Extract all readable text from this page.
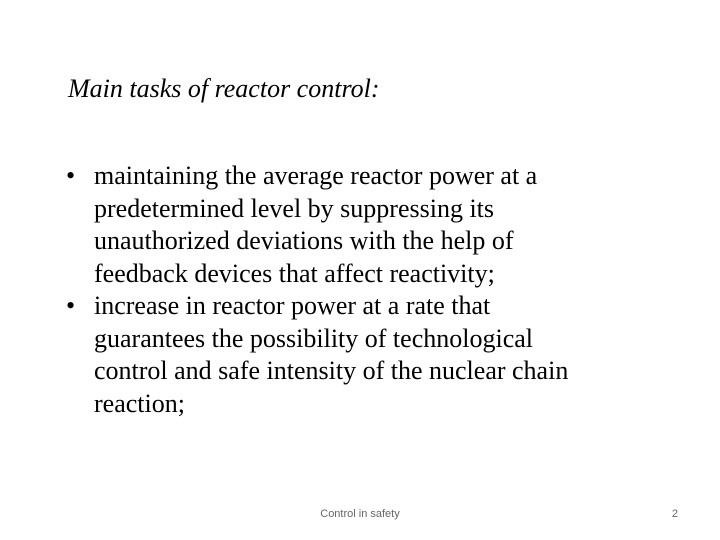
Main tasks of reactor control:
• maintaining the average reactor power at a
predetermined level by suppressing its
unauthorized deviations with the help of
feedback devices that affect reactivity;
• increase in reactor power at a rate that
guarantees the possibility of technological
control and safe intensity of the nuclear chain
reaction;
Control in safety	2
